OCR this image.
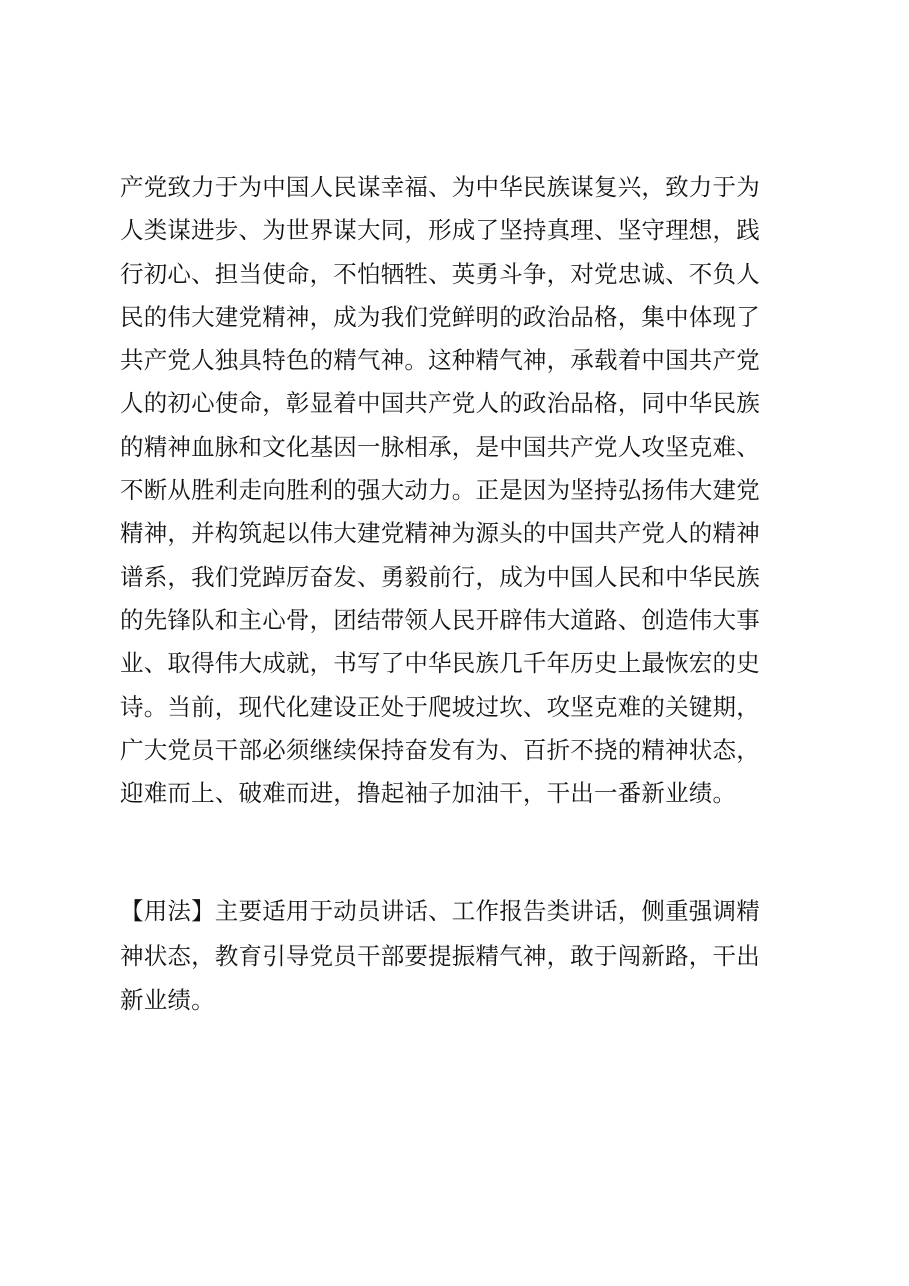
产党致力于为中国人民谋幸福、为中华民族谋复兴，致力于为
人类谋进步、为世界谋大同，形成了坚持真理、坚守理想，践
行初心、担当使命，不怕牺牲、英勇斗争，对党忠诚、不负人
民的伟大建党精神，成为我们党鲜明的政治品格，集中体现了
共产党人独具特色的精气神。这种精气神，承载着中国共产党
人的初心使命，彰显着中国共产党人的政治品格，同中华民族
的精神血脉和文化基因一脉相承，是中国共产党人攻坚克难、
不断从胜利走向胜利的强大动力。正是因为坚持弘扬伟大建党
精神，并构筑起以伟大建党精神为源头的中国共产党人的精神
谱系，我们党踔厉奋发、勇毅前行，成为中国人民和中华民族
的先锋队和主心骨，团结带领人民开辟伟大道路、创造伟大事
业、取得伟大成就，书写了中华民族几千年历史上最恢宏的史
诗。当前，现代化建设正处于爬坡过坎、攻坚克难的关键期，
广大党员干部必须继续保持奋发有为、百折不挠的精神状态，
迎难而上、破难而进，撸起袖子加油干，干出一番新业绩。
【用法】主要适用于动员讲话、工作报告类讲话，侧重强调精
神状态，教育引导党员干部要提振精气神，敢于闯新路，干出
新业绩。
